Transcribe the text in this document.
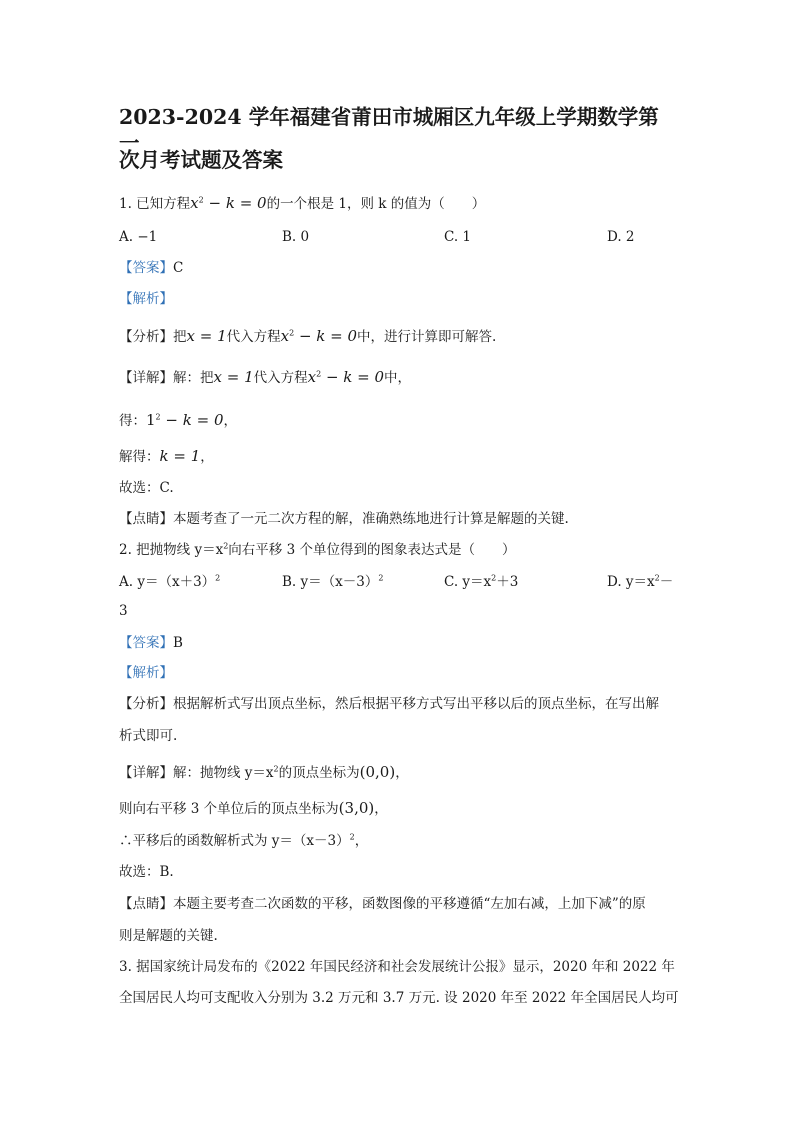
2023-2024 学年福建省莆田市城厢区九年级上学期数学第一
次月考试题及答案
1. 已知方程$x^2 - k = 0$的一个根是 1，则 k 的值为（　　）
A. −1	B. 0	C. 1	D. 2
【答案】C
【解析】
【分析】把x = 1代入方程$x^2 - k = 0$中，进行计算即可解答.
【详解】解：把x = 1代入方程$x^2 - k = 0$中，
得：$1^2 - k = 0$，
解得：k = 1，
故选：C.
【点睛】本题考查了一元二次方程的解，准确熟练地进行计算是解题的关键.
2. 把抛物线 $y=x^2$向右平移 3 个单位得到的图象表达式是（　　）
A. $y=(x+3)^2$	B. $y=(x-3)^2$	C. $y=x^2+3$	D. $y=x^2-$
3
【答案】B
【解析】
【分析】根据解析式写出顶点坐标，然后根据平移方式写出平移以后的顶点坐标，在写出解
析式即可.
【详解】解：抛物线 $y=x^2$的顶点坐标为(0,0)，
则向右平移 3 个单位后的顶点坐标为(3,0)，
∴平移后的函数解析式为 $y=(x-3)^2$，
故选：B.
【点睛】本题主要考查二次函数的平移，函数图像的平移遵循“左加右减，上加下减”的原
则是解题的关键.
3. 据国家统计局发布的《2022 年国民经济和社会发展统计公报》显示，2020 年和 2022 年
全国居民人均可支配收入分别为 3.2 万元和 3.7 万元. 设 2020 年至 2022 年全国居民人均可
